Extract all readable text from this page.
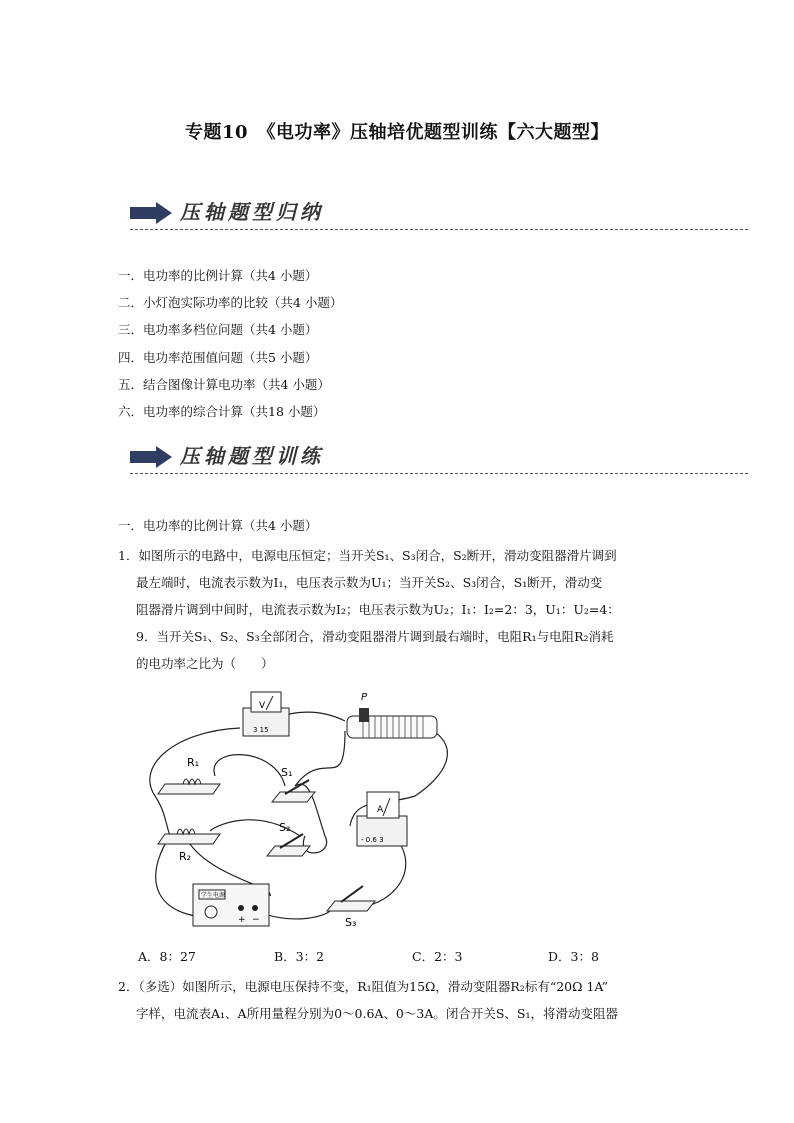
专题10　《电功率》压轴培优题型训练【六大题型】
压轴题型归纳
一．电功率的比例计算（共4 小题）
二．小灯泡实际功率的比较（共4 小题）
三．电功率多档位问题（共4 小题）
四．电功率范围值问题（共5 小题）
五．结合图像计算电功率（共4 小题）
六．电功率的综合计算（共18 小题）
压轴题型训练
一．电功率的比例计算（共4 小题）
1．如图所示的电路中，电源电压恒定；当开关S₁、S₃闭合，S₂断开，滑动变阻器滑片调到
最左端时，电流表示数为I₁，电压表示数为U₁；当开关S₂、S₃闭合，S₁断开，滑动变
阻器滑片调到中间时，电流表示数为I₂；电压表示数为U₂；I₁：I₂=2：3，U₁：U₂=4：
9．当开关S₁、S₂、S₃全部闭合，滑动变阻器滑片调到最右端时，电阻R₁与电阻R₂消耗
的电功率之比为（　　）
V
3 15
P
R₁
R₂
S₁
S₂
S₃
A
- 0.6 3
学生电源
+ −
A．8：27	B．3：2	C．2：3	D．3：8
2．（多选）如图所示，电源电压保持不变，R₁阻值为15Ω，滑动变阻器R₂标有“20Ω 1A”
字样，电流表A₁、A所用量程分别为0～0.6A、0～3A。闭合开关S、S₁，将滑动变阻器
